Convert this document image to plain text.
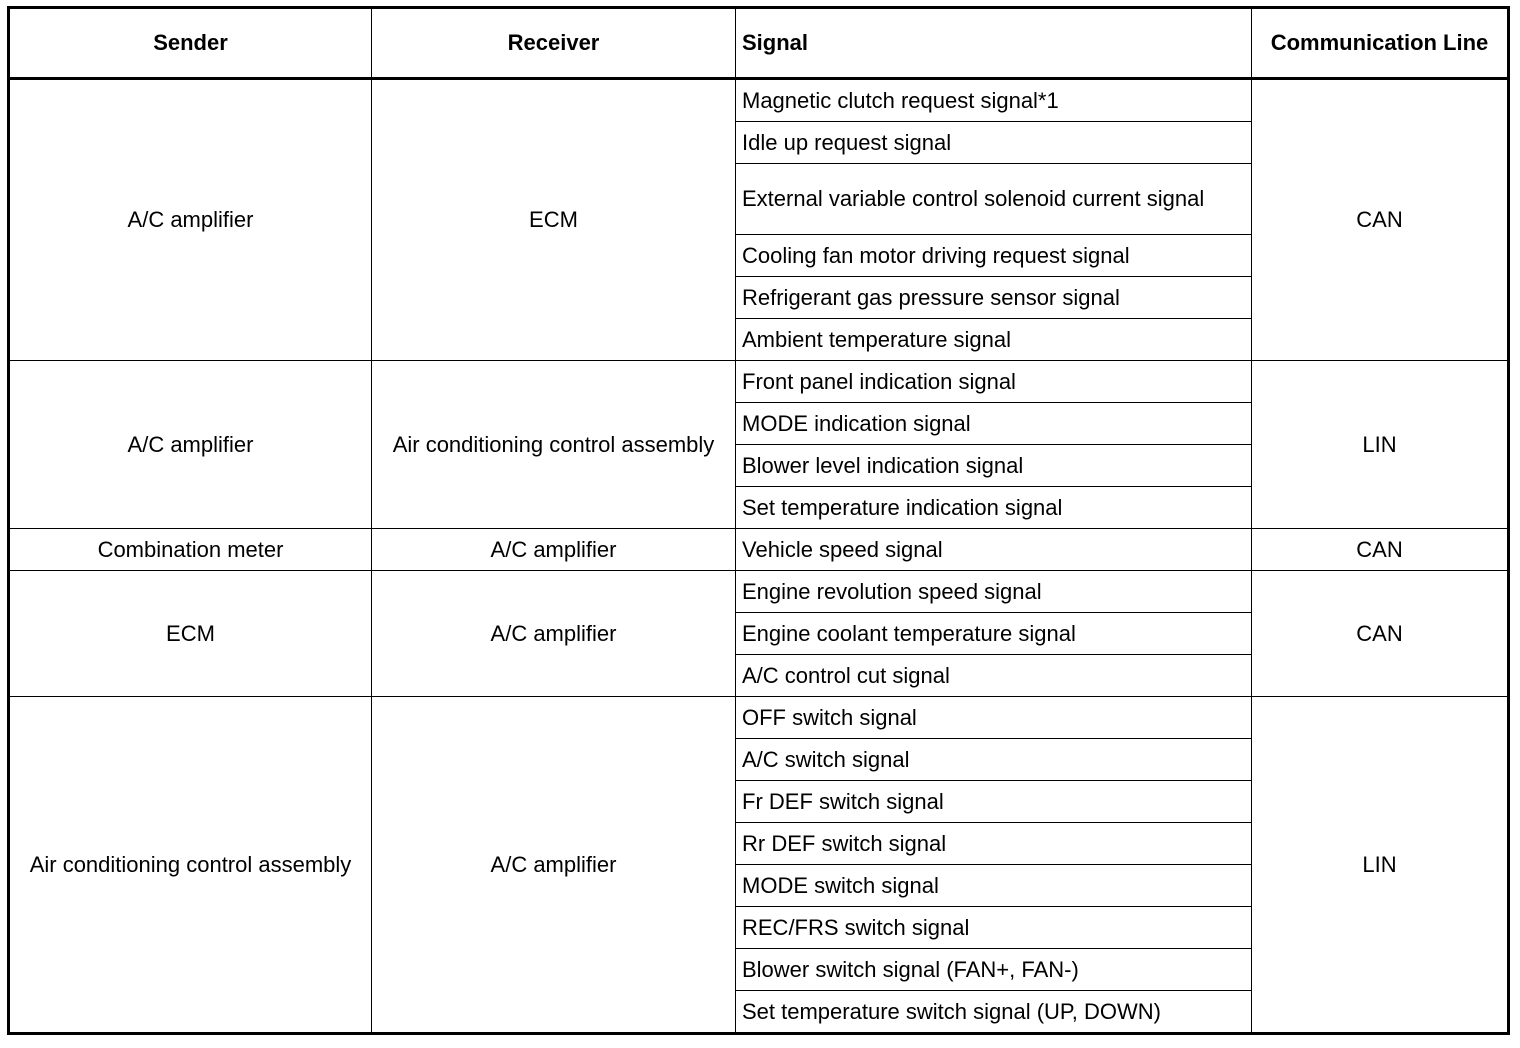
Sender	Receiver	Signal	Communication Line
A/C amplifier	ECM	Magnetic clutch request signal*1	CAN
		Idle up request signal	
		External variable control solenoid current signal	
		Cooling fan motor driving request signal	
		Refrigerant gas pressure sensor signal	
		Ambient temperature signal	
A/C amplifier	Air conditioning control assembly	Front panel indication signal	LIN
		MODE indication signal	
		Blower level indication signal	
		Set temperature indication signal	
Combination meter	A/C amplifier	Vehicle speed signal	CAN
ECM	A/C amplifier	Engine revolution speed signal	CAN
		Engine coolant temperature signal	
		A/C control cut signal	
Air conditioning control assembly	A/C amplifier	OFF switch signal	LIN
		A/C switch signal	
		Fr DEF switch signal	
		Rr DEF switch signal	
		MODE switch signal	
		REC/FRS switch signal	
		Blower switch signal (FAN+, FAN-)	
		Set temperature switch signal (UP, DOWN)	
